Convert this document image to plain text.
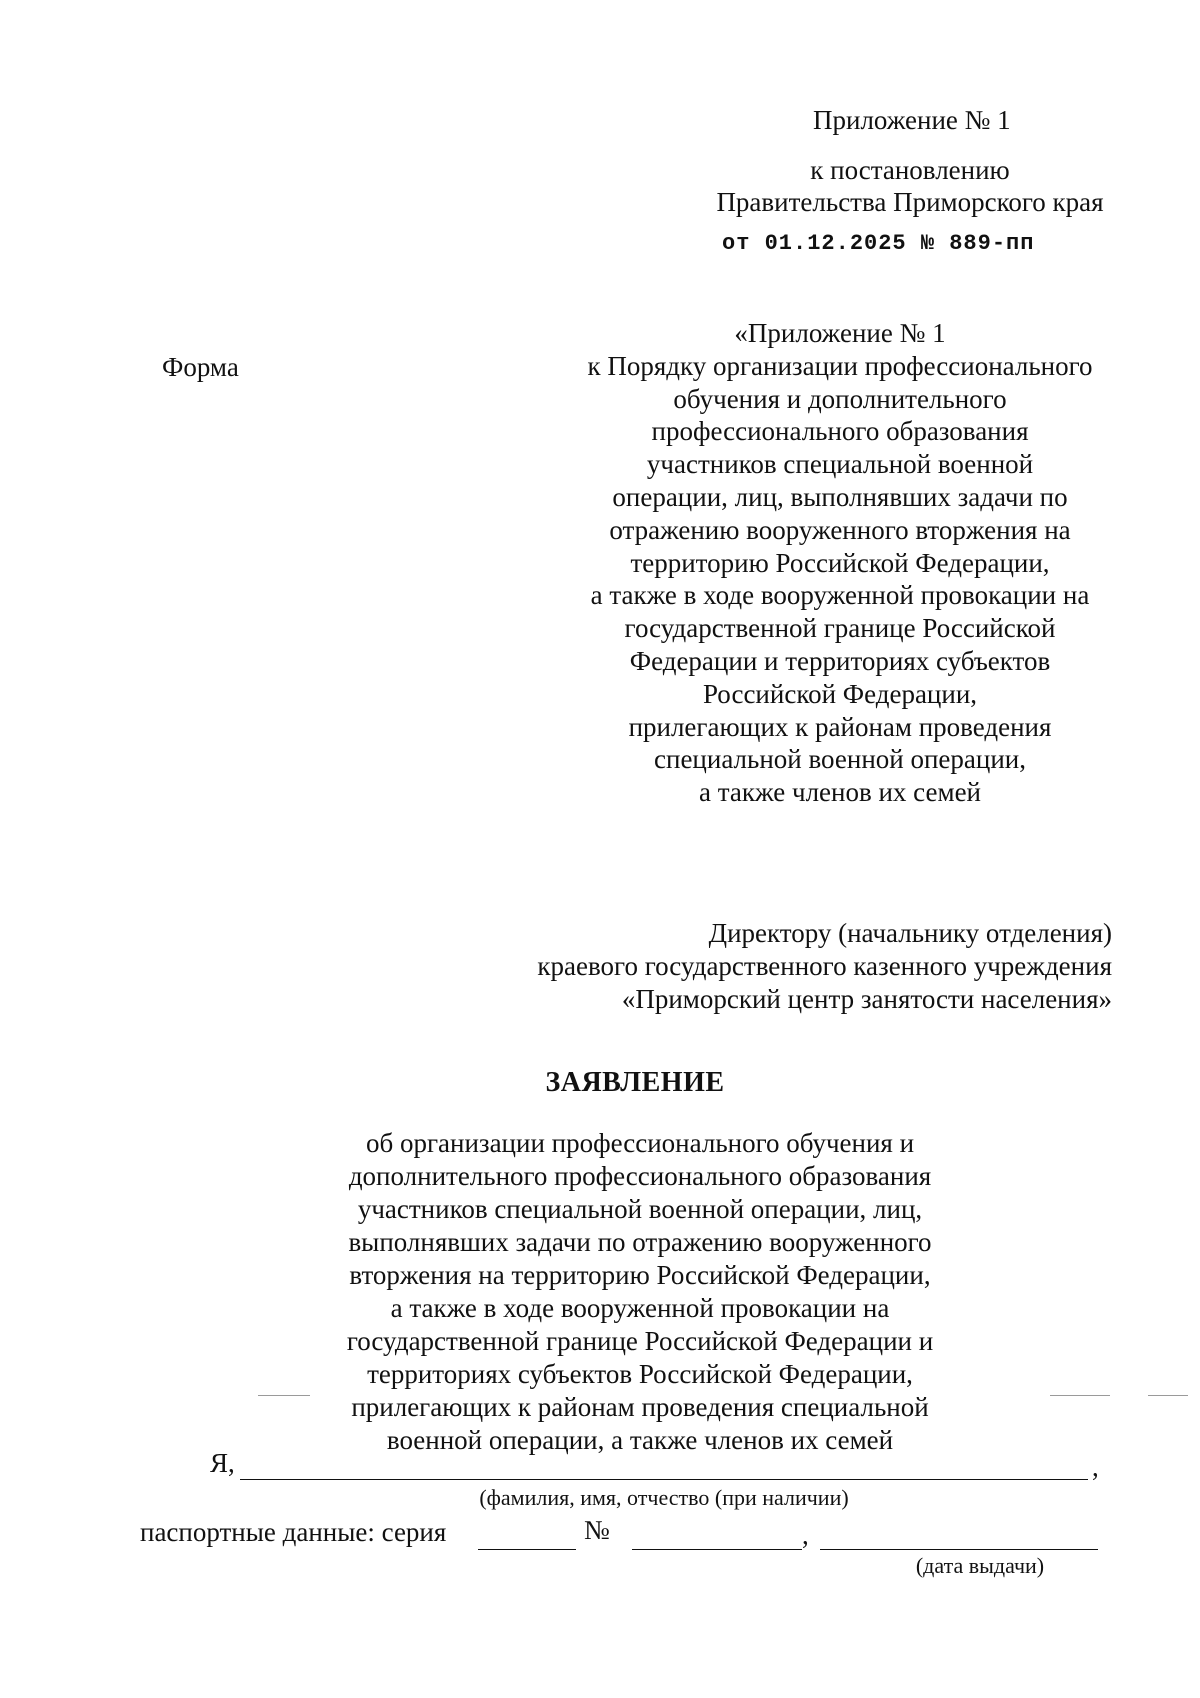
Приложение № 1
к постановлению
Правительства Приморского края
от 01.12.2025 № 889-пп
Форма
«Приложение № 1
к Порядку организации профессионального
обучения и дополнительного
профессионального образования
участников специальной военной
операции, лиц, выполнявших задачи по
отражению вооруженного вторжения на
территорию Российской Федерации,
а также в ходе вооруженной провокации на
государственной границе Российской
Федерации и территориях субъектов
Российской Федерации,
прилегающих к районам проведения
специальной военной операции,
а также членов их семей
Директору (начальнику отделения)
краевого государственного казенного учреждения
«Приморский центр занятости населения»
ЗАЯВЛЕНИЕ
об организации профессионального обучения и
дополнительного профессионального образования
участников специальной военной операции, лиц,
выполнявших задачи по отражению вооруженного
вторжения на территорию Российской Федерации,
а также в ходе вооруженной провокации на
государственной границе Российской Федерации и
территориях субъектов Российской Федерации,
прилегающих к районам проведения специальной
военной операции, а также членов их семей
Я,	,
(фамилия, имя, отчество (при наличии)
паспортные данные: серия	№	,
(дата выдачи)
